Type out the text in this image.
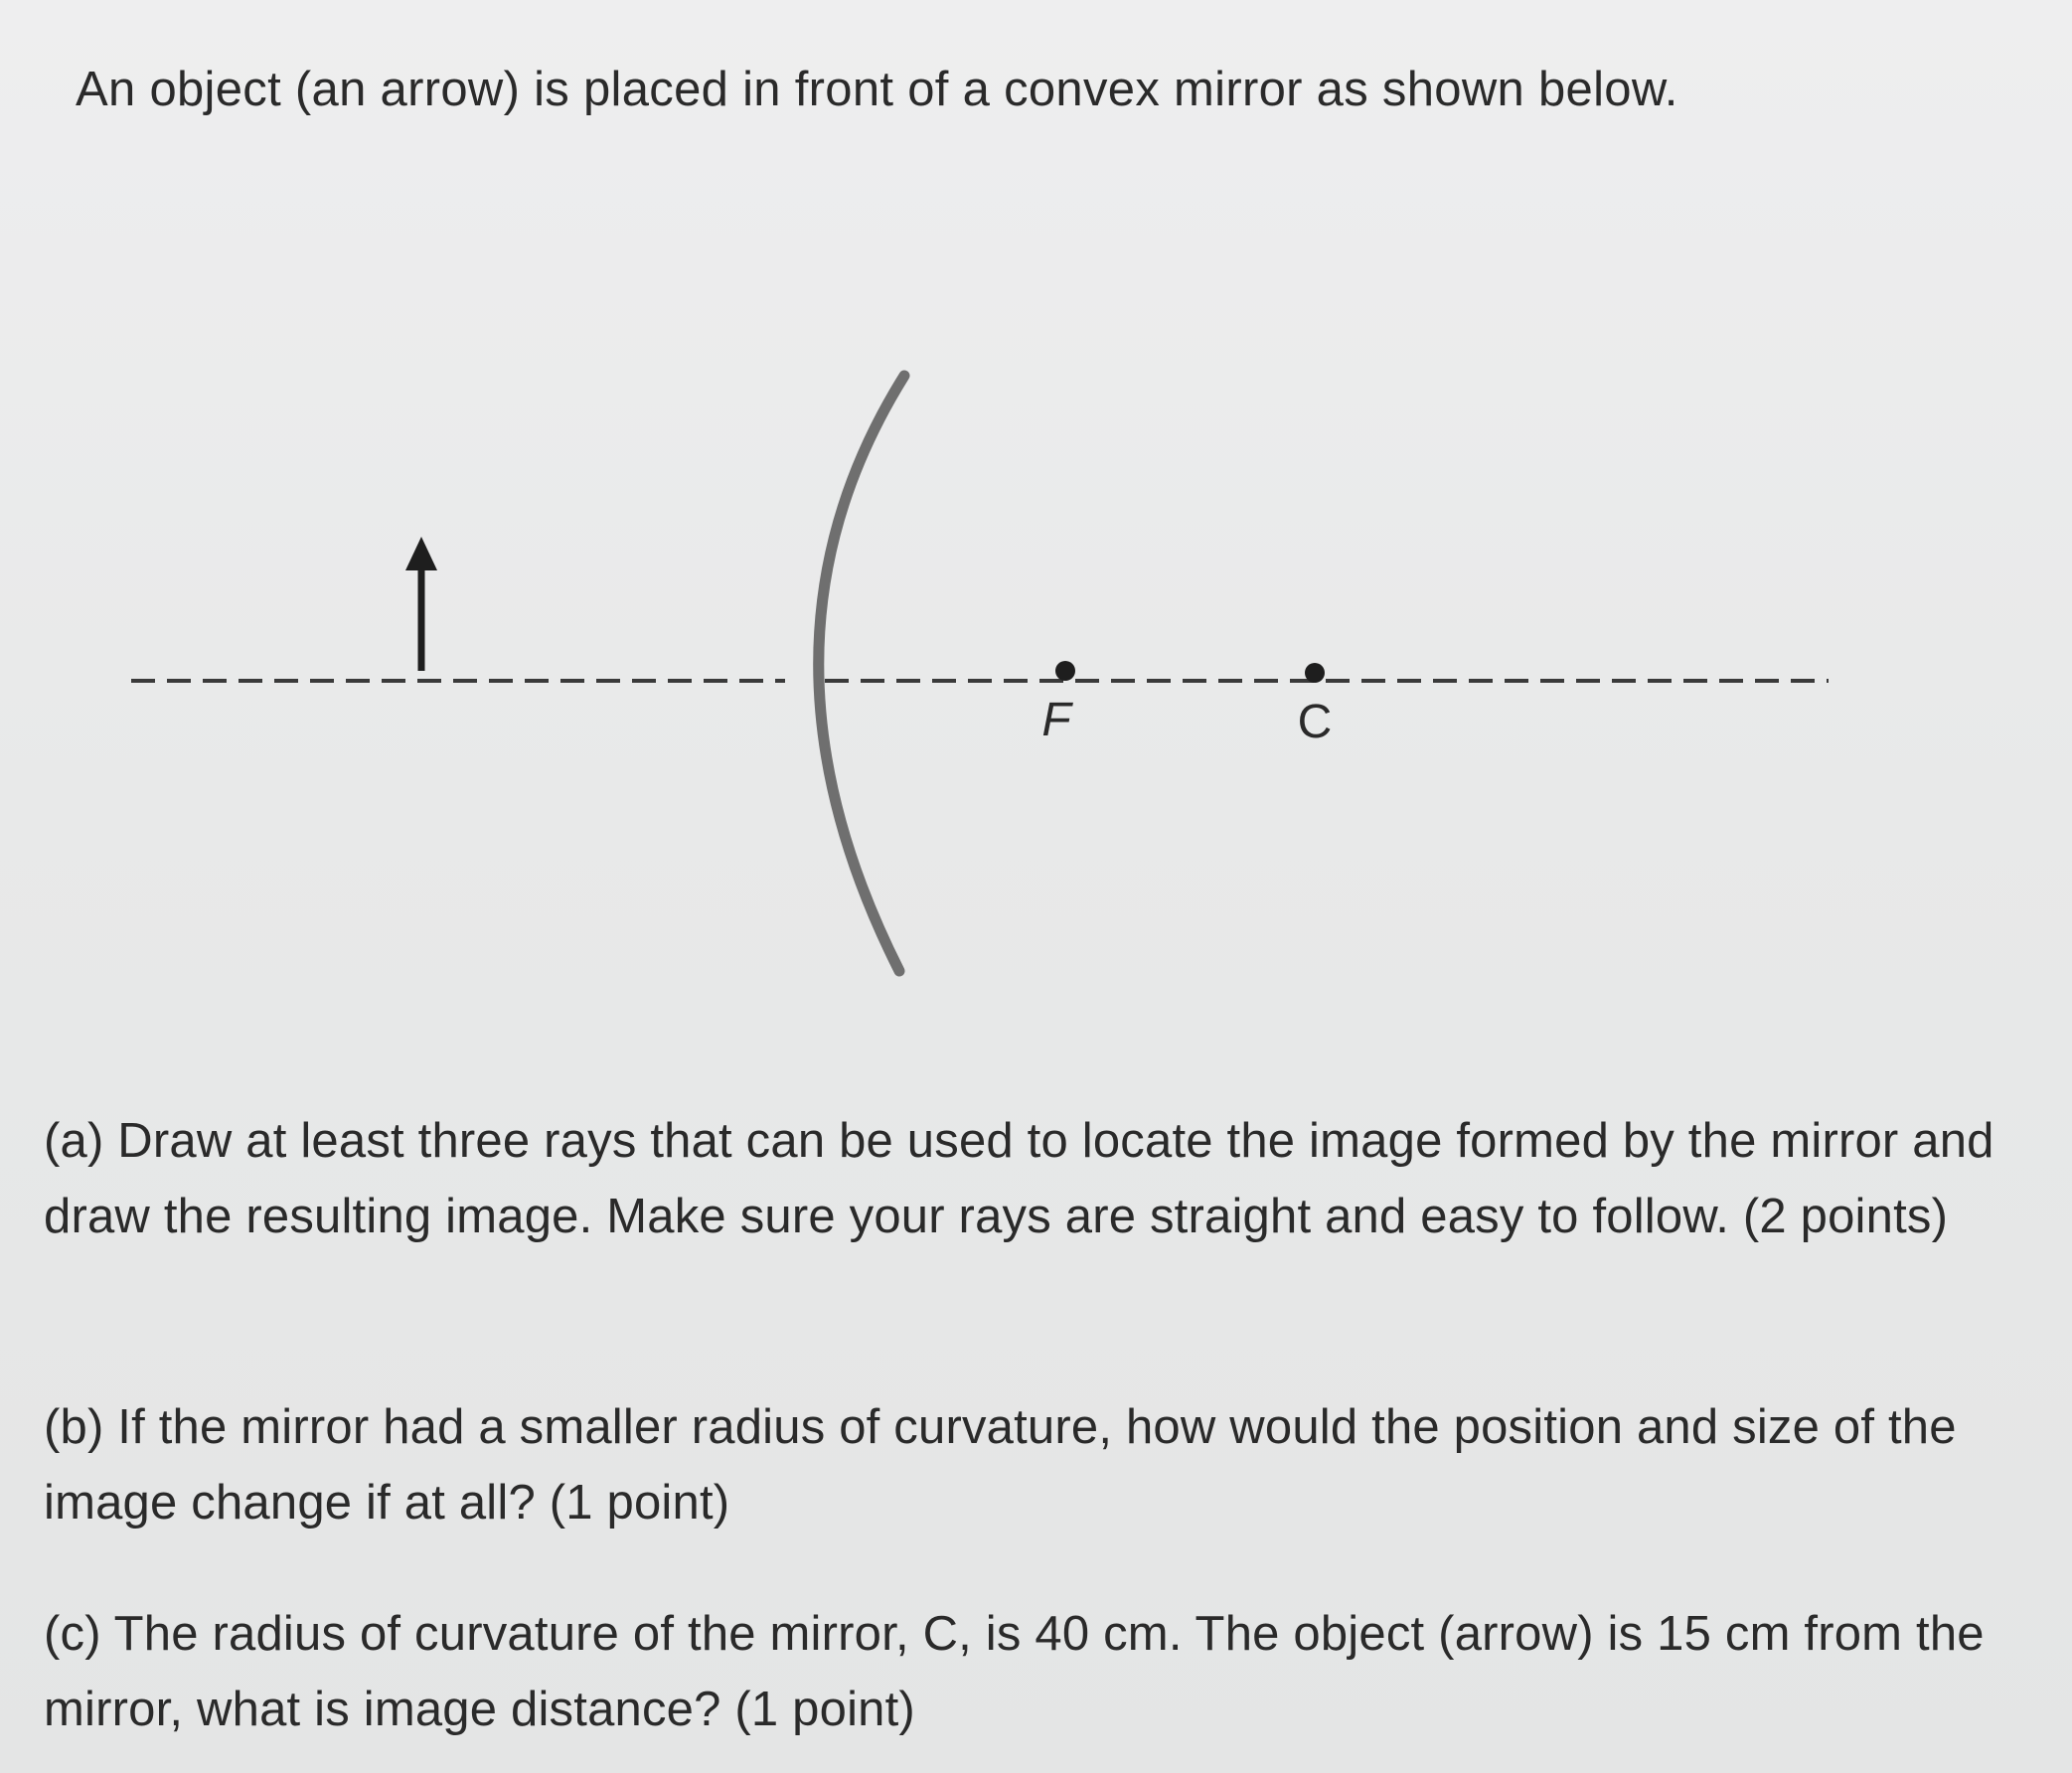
An object (an arrow) is placed in front of a convex mirror as shown below.
F	C
(a) Draw at least three rays that can be used to locate the image formed by the mirror and draw the resulting image. Make sure your rays are straight and easy to follow. (2 points)
(b) If the mirror had a smaller radius of curvature, how would the position and size of the image change if at all? (1 point)
(c) The radius of curvature of the mirror, C, is 40 cm. The object (arrow) is 15 cm from the mirror, what is image distance? (1 point)
